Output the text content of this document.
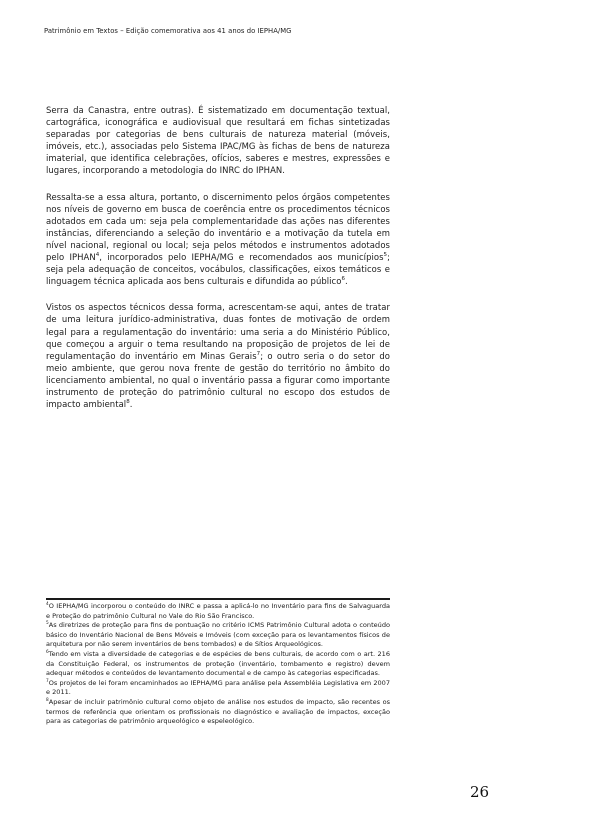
Patrimônio em Textos – Edição comemorativa aos 41 anos do IEPHA/MG

Serra da Canastra, entre outras). É sistematizado em documentação textual, cartográfica, iconográfica e audiovisual que resultará em fichas sintetizadas separadas por categorias de bens culturais de natureza material (móveis, imóveis, etc.), associadas pelo Sistema IPAC/MG às fichas de bens de natureza imaterial, que identifica celebrações, ofícios, saberes e mestres, expressões e lugares, incorporando a metodologia do INRC do IPHAN.

Ressalta-se a essa altura, portanto, o discernimento pelos órgãos competentes nos níveis de governo em busca de coerência entre os procedimentos técnicos adotados em cada um: seja pela complementaridade das ações nas diferentes instâncias, diferenciando a seleção do inventário e a motivação da tutela em nível nacional, regional ou local; seja pelos métodos e instrumentos adotados pelo IPHAN$^4$, incorporados pelo IEPHA/MG e recomendados aos municípios$^5$; seja pela adequação de conceitos, vocábulos, classificações, eixos temáticos e linguagem técnica aplicada aos bens culturais e difundida ao público$^6$.

Vistos os aspectos técnicos dessa forma, acrescentam-se aqui, antes de tratar de uma leitura jurídico-administrativa, duas fontes de motivação de ordem legal para a regulamentação do inventário: uma seria a do Ministério Público, que começou a arguir o tema resultando na proposição de projetos de lei de regulamentação do inventário em Minas Gerais$^7$; o outro seria o do setor do meio ambiente, que gerou nova frente de gestão do território no âmbito do licenciamento ambiental, no qual o inventário passa a figurar como importante instrumento de proteção do patrimônio cultural no escopo dos estudos de impacto ambiental$^8$.

$^4$O IEPHA/MG incorporou o conteúdo do INRC e passa a aplicá-lo no Inventário para fins de Salvaguarda e Proteção do patrimônio Cultural no Vale do Rio São Francisco.

$^5$As diretrizes de proteção para fins de pontuação no critério ICMS Patrimônio Cultural adota o conteúdo básico do Inventário Nacional de Bens Móveis e Imóveis (com exceção para os levantamentos físicos de arquitetura por não serem inventários de bens tombados) e de Sítios Arqueológicos.

$^6$Tendo em vista a diversidade de categorias e de espécies de bens culturais, de acordo com o art. 216 da Constituição Federal, os instrumentos de proteção (inventário, tombamento e registro) devem adequar métodos e conteúdos de levantamento documental e de campo às categorias especificadas.

$^7$Os projetos de lei foram encaminhados ao IEPHA/MG para análise pela Assembléia Legislativa em 2007 e 2011.

$^8$Apesar de incluir patrimônio cultural como objeto de análise nos estudos de impacto, são recentes os termos de referência que orientam os profissionais no diagnóstico e avaliação de impactos, exceção para as categorias de patrimônio arqueológico e espeleológico.

26
